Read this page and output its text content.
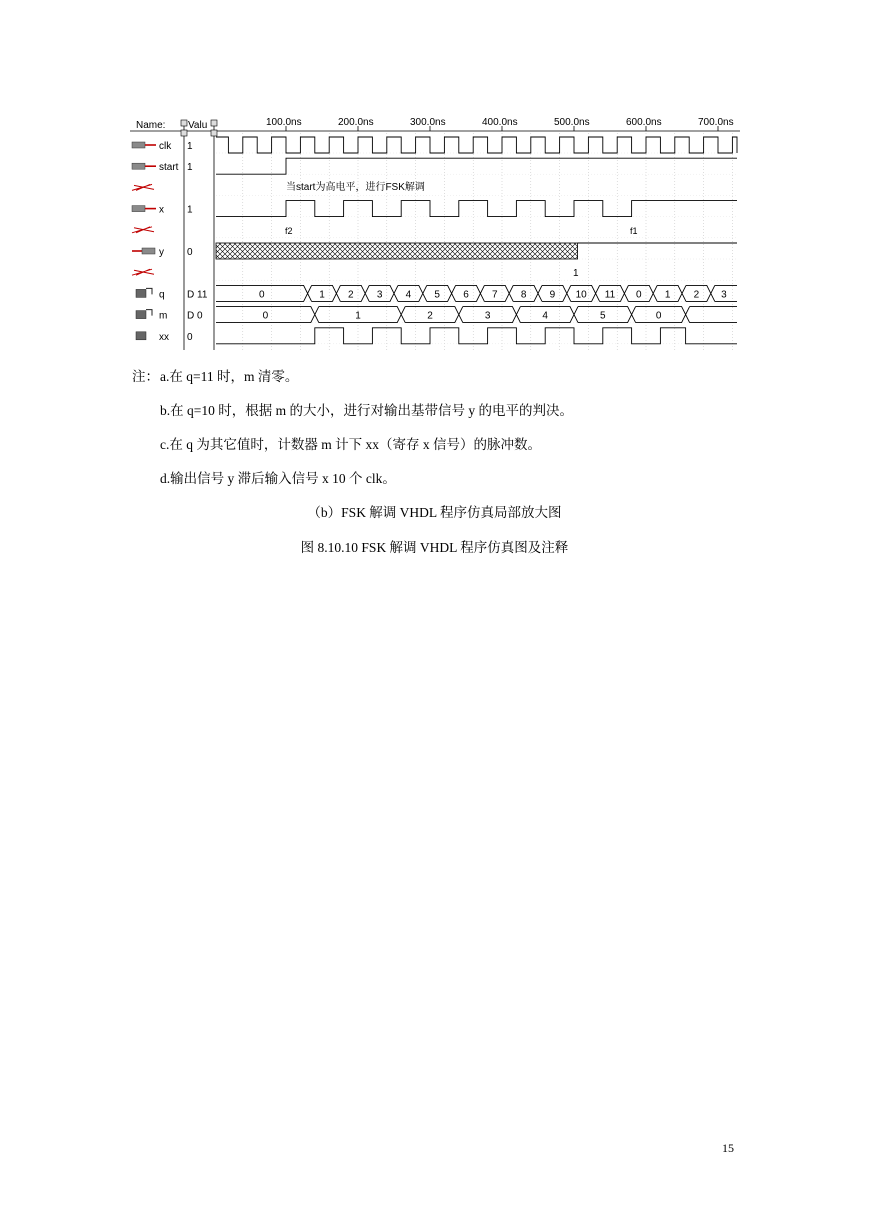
Name: Valu	100.0ns	200.0ns	300.0ns	400.0ns	500.0ns	600.0ns	700.0ns
clk 1
start 1
x 1
y 0
q D 11
m D 0
xx 0
0	1 2 3 4 5 6 7 8 9 10 11 0 1 2 3
0	1	2	3	4	5	0
当start为高电平，进行FSK解调
f2	f1
1
注： a.在 q=11 时，m 清零。
b.在 q=10 时，根据 m 的大小，进行对输出基带信号 y 的电平的判决。
c.在 q 为其它值时，计数器 m 计下 xx（寄存 x 信号）的脉冲数。
d.输出信号 y 滞后输入信号 x 10 个 clk。
（b）FSK 解调 VHDL 程序仿真局部放大图
图 8.10.10 FSK 解调 VHDL 程序仿真图及注释
15
